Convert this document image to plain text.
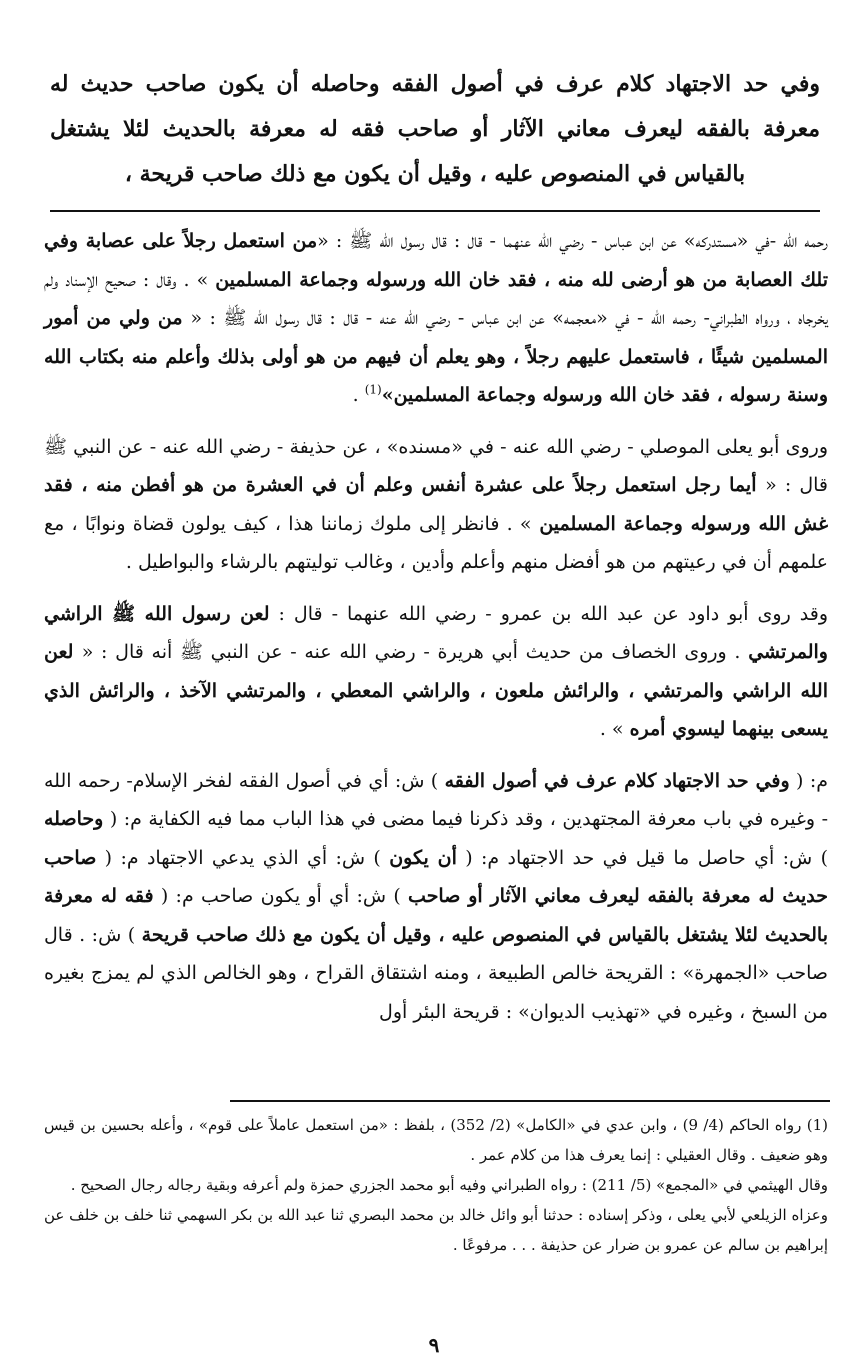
وفي حد الاجتهاد كلام عرف في أصول الفقه وحاصله أن يكون صاحب حديث له معرفة بالفقه ليعرف معاني الآثار أو صاحب فقه له معرفة بالحديث لئلا يشتغل بالقياس في المنصوص عليه ، وقيل أن يكون مع ذلك صاحب قريحة ،

رحمه الله -في «مستدركه» عن ابن عباس - رضي الله عنهما - قال : قال رسول الله ﷺ : «من استعمل رجلاً على عصابة وفي تلك العصابة من هو أرضى لله منه ، فقد خان الله ورسوله وجماعة المسلمين » . وقال : صحيح الإسناد ولم يخرجاه ، ورواه الطبراني- رحمه الله - في «معجمه» عن ابن عباس - رضي الله عنه - قال : قال رسول الله ﷺ : « من ولي من أمور المسلمين شيئًا ، فاستعمل عليهم رجلاً ، وهو يعلم أن فيهم من هو أولى بذلك وأعلم منه بكتاب الله وسنة رسوله ، فقد خان الله ورسوله وجماعة المسلمين»$^{(1)}$ .

وروى أبو يعلى الموصلي - رضي الله عنه - في «مسنده» ، عن حذيفة - رضي الله عنه - عن النبي ﷺ قال : « أيما رجل استعمل رجلاً على عشرة أنفس وعلم أن في العشرة من هو أفطن منه ، فقد غش الله ورسوله وجماعة المسلمين » . فانظر إلى ملوك زماننا هذا ، كيف يولون قضاة ونوابًا ، مع علمهم أن في رعيتهم من هو أفضل منهم وأعلم وأدين ، وغالب توليتهم بالرشاء والبواطيل .

وقد روى أبو داود عن عبد الله بن عمرو - رضي الله عنهما - قال : لعن رسول الله ﷺ الراشي والمرتشي . وروى الخصاف من حديث أبي هريرة - رضي الله عنه - عن النبي ﷺ أنه قال : « لعن الله الراشي والمرتشي ، والرائش ملعون ، والراشي المعطي ، والمرتشي الآخذ ، والرائش الذي يسعى بينهما ليسوي أمره » .

م: ( وفي حد الاجتهاد كلام عرف في أصول الفقه ) ش: أي في أصول الفقه لفخر الإسلام- رحمه الله - وغيره في باب معرفة المجتهدين ، وقد ذكرنا فيما مضى في هذا الباب مما فيه الكفاية م: ( وحاصله ) ش: أي حاصل ما قيل في حد الاجتهاد م: ( أن يكون ) ش: أي الذي يدعي الاجتهاد م: ( صاحب حديث له معرفة بالفقه ليعرف معاني الآثار أو صاحب ) ش: أي أو يكون صاحب م: ( فقه له معرفة بالحديث لئلا يشتغل بالقياس في المنصوص عليه ، وقيل أن يكون مع ذلك صاحب قريحة ) ش: . قال صاحب «الجمهرة» : القريحة خالص الطبيعة ، ومنه اشتقاق القراح ، وهو الخالص الذي لم يمزج بغيره من السبخ ، وغيره في «تهذيب الديوان» : قريحة البئر أول

(1) رواه الحاكم (4/ 9) ، وابن عدي في «الكامل» (2/ 352) ، بلفظ : «من استعمل عاملاً على قوم» ، وأعله بحسين بن قيس وهو ضعيف . وقال العقيلي : إنما يعرف هذا من كلام عمر .

وقال الهيثمي في «المجمع» (5/ 211) : رواه الطبراني وفيه أبو محمد الجزري حمزة ولم أعرفه وبقية رجاله رجال الصحيح .

وعزاه الزيلعي لأبي يعلى ، وذكر إسناده : حدثنا أبو وائل خالد بن محمد البصري ثنا عبد الله بن بكر السهمي ثنا خلف بن خلف عن إبراهيم بن سالم عن عمرو بن ضرار عن حذيفة . . . مرفوعًا .

٩
